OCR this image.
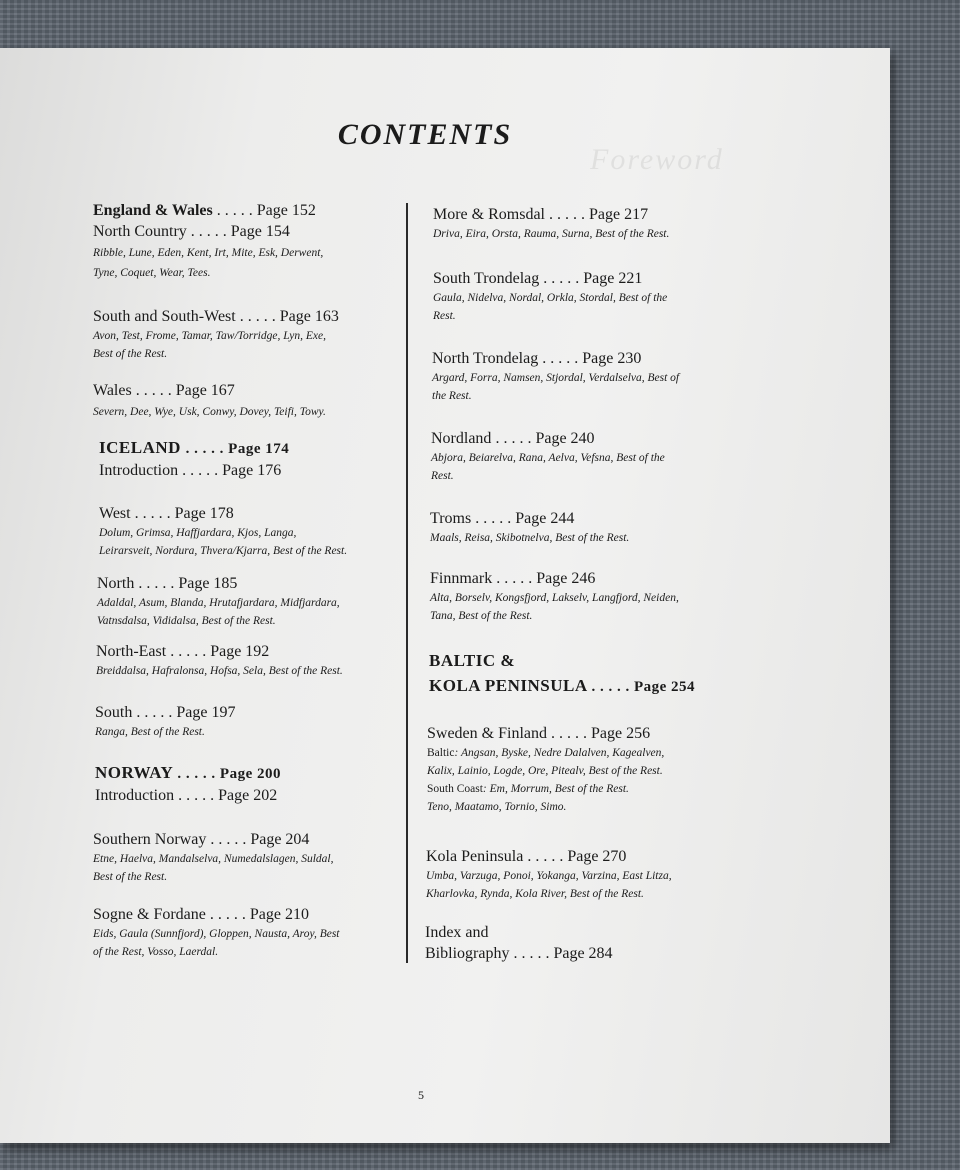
Foreword
CONTENTS
England & Wales . . . . . Page 152
North Country . . . . . Page 154
Ribble, Lune, Eden, Kent, Irt, Mite, Esk, Derwent,
Tyne, Coquet, Wear, Tees.
South and South-West . . . . . Page 163
Avon, Test, Frome, Tamar, Taw/Torridge, Lyn, Exe,
Best of the Rest.
Wales . . . . . Page 167
Severn, Dee, Wye, Usk, Conwy, Dovey, Teifi, Towy.
ICELAND . . . . . Page 174
Introduction . . . . . Page 176
West . . . . . Page 178
Dolum, Grimsa, Haffjardara, Kjos, Langa,
Leirarsveit, Nordura, Thvera/Kjarra, Best of the Rest.
North . . . . . Page 185
Adaldal, Asum, Blanda, Hrutafjardara, Midfjardara,
Vatnsdalsa, Vididalsa, Best of the Rest.
North-East . . . . . Page 192
Breiddalsa, Hafralonsa, Hofsa, Sela, Best of the Rest.
South . . . . . Page 197
Ranga, Best of the Rest.
NORWAY . . . . . Page 200
Introduction . . . . . Page 202
Southern Norway . . . . . Page 204
Etne, Haelva, Mandalselva, Numedalslagen, Suldal,
Best of the Rest.
Sogne & Fordane . . . . . Page 210
Eids, Gaula (Sunnfjord), Gloppen, Nausta, Aroy, Best
of the Rest, Vosso, Laerdal.
More & Romsdal . . . . . Page 217
Driva, Eira, Orsta, Rauma, Surna, Best of the Rest.
South Trondelag . . . . . Page 221
Gaula, Nidelva, Nordal, Orkla, Stordal, Best of the
Rest.
North Trondelag . . . . . Page 230
Argard, Forra, Namsen, Stjordal, Verdalselva, Best of
the Rest.
Nordland . . . . . Page 240
Abjora, Beiarelva, Rana, Aelva, Vefsna, Best of the
Rest.
Troms . . . . . Page 244
Maals, Reisa, Skibotnelva, Best of the Rest.
Finnmark . . . . . Page 246
Alta, Borselv, Kongsfjord, Lakselv, Langfjord, Neiden,
Tana, Best of the Rest.
BALTIC &
KOLA PENINSULA . . . . . Page 254
Sweden & Finland . . . . . Page 256
Baltic: Angsan, Byske, Nedre Dalalven, Kagealven,
Kalix, Lainio, Logde, Ore, Pitealv, Best of the Rest.
South Coast: Em, Morrum, Best of the Rest.
Teno, Maatamo, Tornio, Simo.
Kola Peninsula . . . . . Page 270
Umba, Varzuga, Ponoi, Yokanga, Varzina, East Litza,
Kharlovka, Rynda, Kola River, Best of the Rest.
Index and
Bibliography . . . . . Page 284
5
